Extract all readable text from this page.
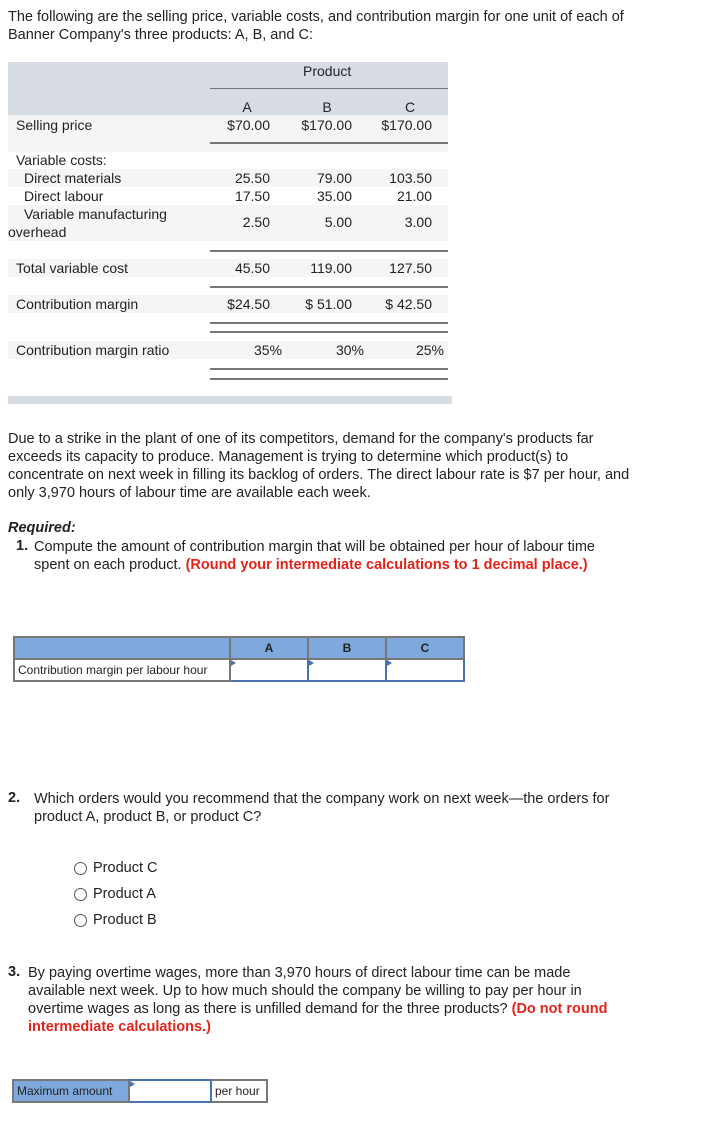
The following are the selling price, variable costs, and contribution margin for one unit of each of Banner Company's three products: A, B, and C:
Product
A	B	C
Selling price	$70.00	$170.00	$170.00
Variable costs:
Direct materials	25.50	79.00	103.50
Direct labour	17.50	35.00	21.00
Variable manufacturing
overhead
2.50	5.00	3.00
Total variable cost	45.50	119.00	127.50
Contribution margin	$24.50	$ 51.00	$ 42.50
Contribution margin ratio	35%	30%	25%
Due to a strike in the plant of one of its competitors, demand for the company's products far exceeds its capacity to produce. Management is trying to determine which product(s) to concentrate on next week in filling its backlog of orders. The direct labour rate is $7 per hour, and only 3,970 hours of labour time are available each week.
Required:
1. Compute the amount of contribution margin that will be obtained per hour of labour time spent on each product. (Round your intermediate calculations to 1 decimal place.)
	A	B	C
Contribution margin per labour hour			
2. Which orders would you recommend that the company work on next week—the orders for product A, product B, or product C?
Product C
Product A
Product B
3. By paying overtime wages, more than 3,970 hours of direct labour time can be made available next week. Up to how much should the company be willing to pay per hour in overtime wages as long as there is unfilled demand for the three products? (Do not round intermediate calculations.)
Maximum amount		per hour
